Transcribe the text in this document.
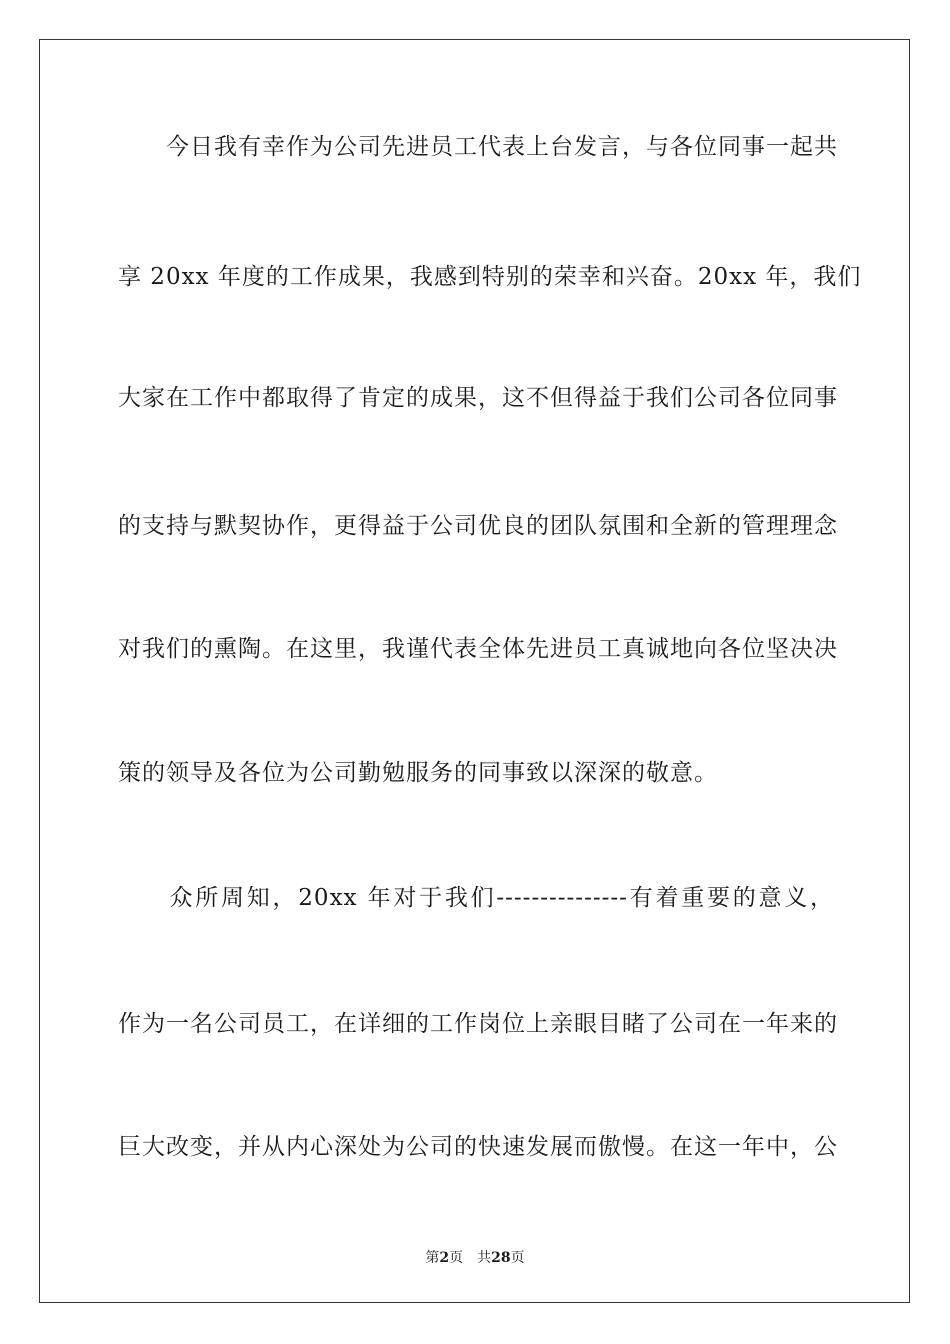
　　今日我有幸作为公司先进员工代表上台发言，与各位同事一起共
享 20xx 年度的工作成果，我感到特别的荣幸和兴奋。20xx 年，我们
大家在工作中都取得了肯定的成果，这不但得益于我们公司各位同事
的支持与默契协作，更得益于公司优良的团队氛围和全新的管理理念
对我们的熏陶。在这里，我谨代表全体先进员工真诚地向各位坚决决
策的领导及各位为公司勤勉服务的同事致以深深的敬意。
　　众所周知，20xx 年对于我们---------------有着重要的意义，
作为一名公司员工，在详细的工作岗位上亲眼目睹了公司在一年来的
巨大改变，并从内心深处为公司的快速发展而傲慢。在这一年中，公
第2页 共28页
